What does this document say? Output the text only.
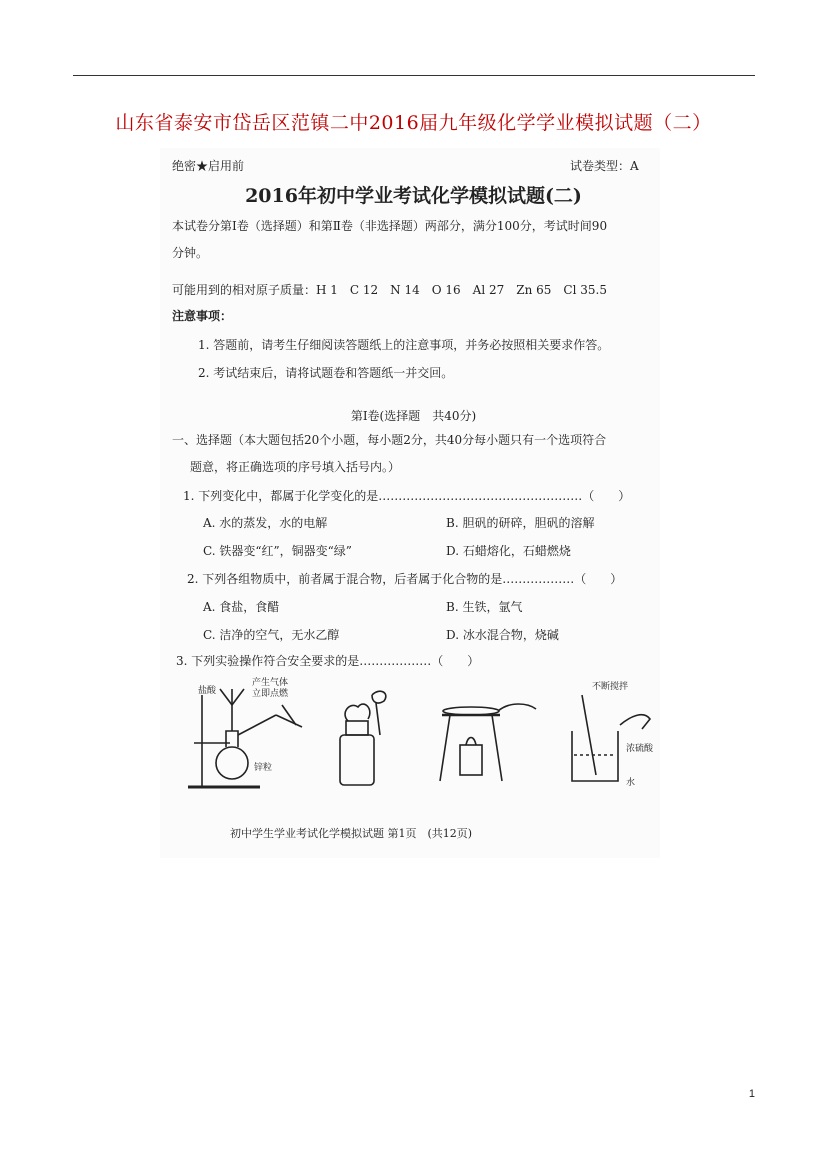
山东省泰安市岱岳区范镇二中2016届九年级化学学业模拟试题（二）
绝密★启用前	试卷类型：A
2016年初中学业考试化学模拟试题(二)
本试卷分第Ⅰ卷（选择题）和第Ⅱ卷（非选择题）两部分，满分100分，考试时间90
分钟。
可能用到的相对原子质量：H 1　C 12　N 14　O 16　Al 27　Zn 65　Cl 35.5
注意事项：
1. 答题前，请考生仔细阅读答题纸上的注意事项，并务必按照相关要求作答。
2. 考试结束后，请将试题卷和答题纸一并交回。
第Ⅰ卷(选择题　共40分)
一、选择题（本大题包括20个小题，每小题2分，共40分每小题只有一个选项符合
题意，将正确选项的序号填入括号内。）
1. 下列变化中，都属于化学变化的是……………………………………………（　　）
A. 水的蒸发，水的电解	B. 胆矾的研碎，胆矾的溶解
C. 铁器变“红”，铜器变“绿”	D. 石蜡熔化，石蜡燃烧
2. 下列各组物质中，前者属于混合物，后者属于化合物的是………………（　　）
A. 食盐，食醋	B. 生铁，氩气
C. 洁净的空气，无水乙醇	D. 冰水混合物，烧碱
3. 下列实验操作符合安全要求的是………………（　　）
盐酸
产生气体
立即点燃
锌粒
不断搅拌
浓硫酸
水
初中学生学业考试化学模拟试题 第1页　(共12页)
1
